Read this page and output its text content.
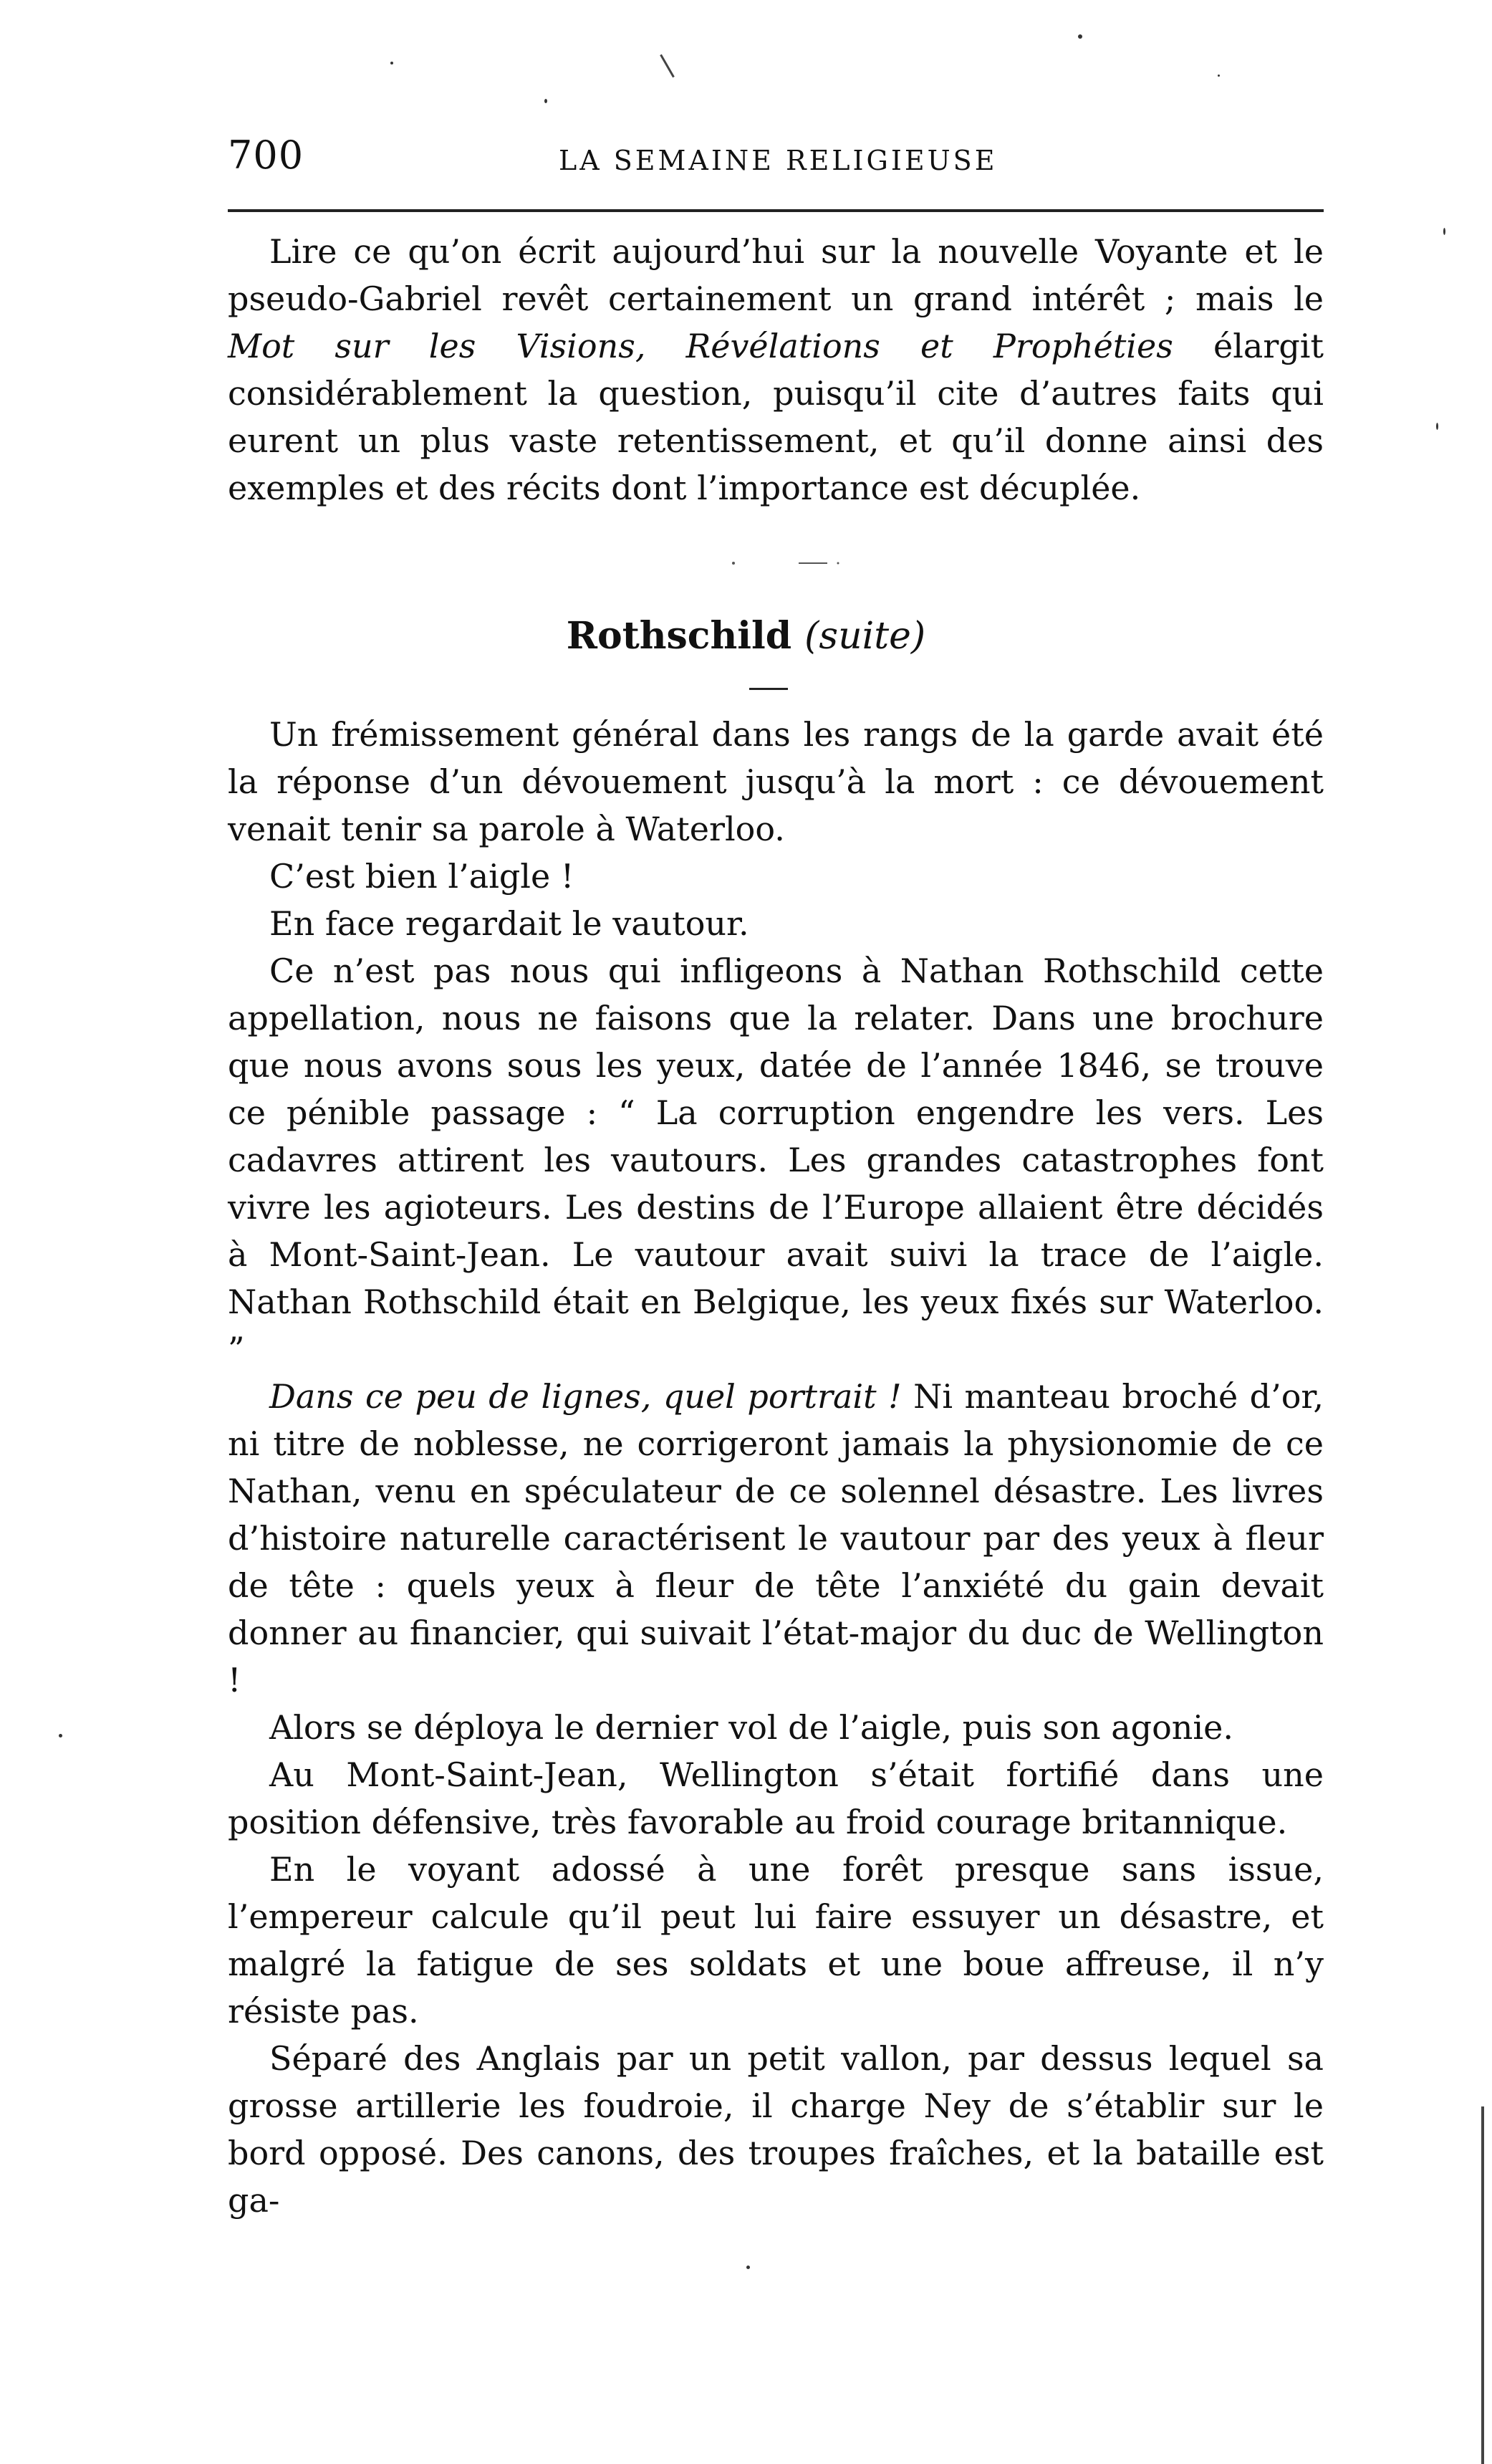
700	LA SEMAINE RELIGIEUSE

Lire ce qu’on écrit aujourd’hui sur la nouvelle Voyante et le pseudo-Gabriel revêt certainement un grand intérêt ; mais le Mot sur les Visions, Révélations et Prophéties élargit considérablement la question, puisqu’il cite d’autres faits qui eurent un plus vaste retentissement, et qu’il donne ainsi des exemples et des récits dont l’importance est décuplée.

Rothschild (suite)

Un frémissement général dans les rangs de la garde avait été la réponse d’un dévouement jusqu’à la mort : ce dévouement venait tenir sa parole à Waterloo.

C’est bien l’aigle !

En face regardait le vautour.

Ce n’est pas nous qui infligeons à Nathan Rothschild cette appellation, nous ne faisons que la relater. Dans une brochure que nous avons sous les yeux, datée de l’année 1846, se trouve ce pénible passage : “ La corruption engendre les vers. Les cadavres attirent les vautours. Les grandes catastrophes font vivre les agioteurs. Les destins de l’Europe allaient être décidés à Mont-Saint-Jean. Le vautour avait suivi la trace de l’aigle. Nathan Rothschild était en Belgique, les yeux fixés sur Waterloo. ”

Dans ce peu de lignes, quel portrait ! Ni manteau broché d’or, ni titre de noblesse, ne corrigeront jamais la physionomie de ce Nathan, venu en spéculateur de ce solennel désastre. Les livres d’histoire naturelle caractérisent le vautour par des yeux à fleur de tête : quels yeux à fleur de tête l’anxiété du gain devait donner au financier, qui suivait l’état-major du duc de Wellington !

Alors se déploya le dernier vol de l’aigle, puis son agonie.

Au Mont-Saint-Jean, Wellington s’était fortifié dans une position défensive, très favorable au froid courage britannique.

En le voyant adossé à une forêt presque sans issue, l’empereur calcule qu’il peut lui faire essuyer un désastre, et malgré la fatigue de ses soldats et une boue affreuse, il n’y résiste pas.

Séparé des Anglais par un petit vallon, par dessus lequel sa grosse artillerie les foudroie, il charge Ney de s’établir sur le bord opposé. Des canons, des troupes fraîches, et la bataille est ga-
